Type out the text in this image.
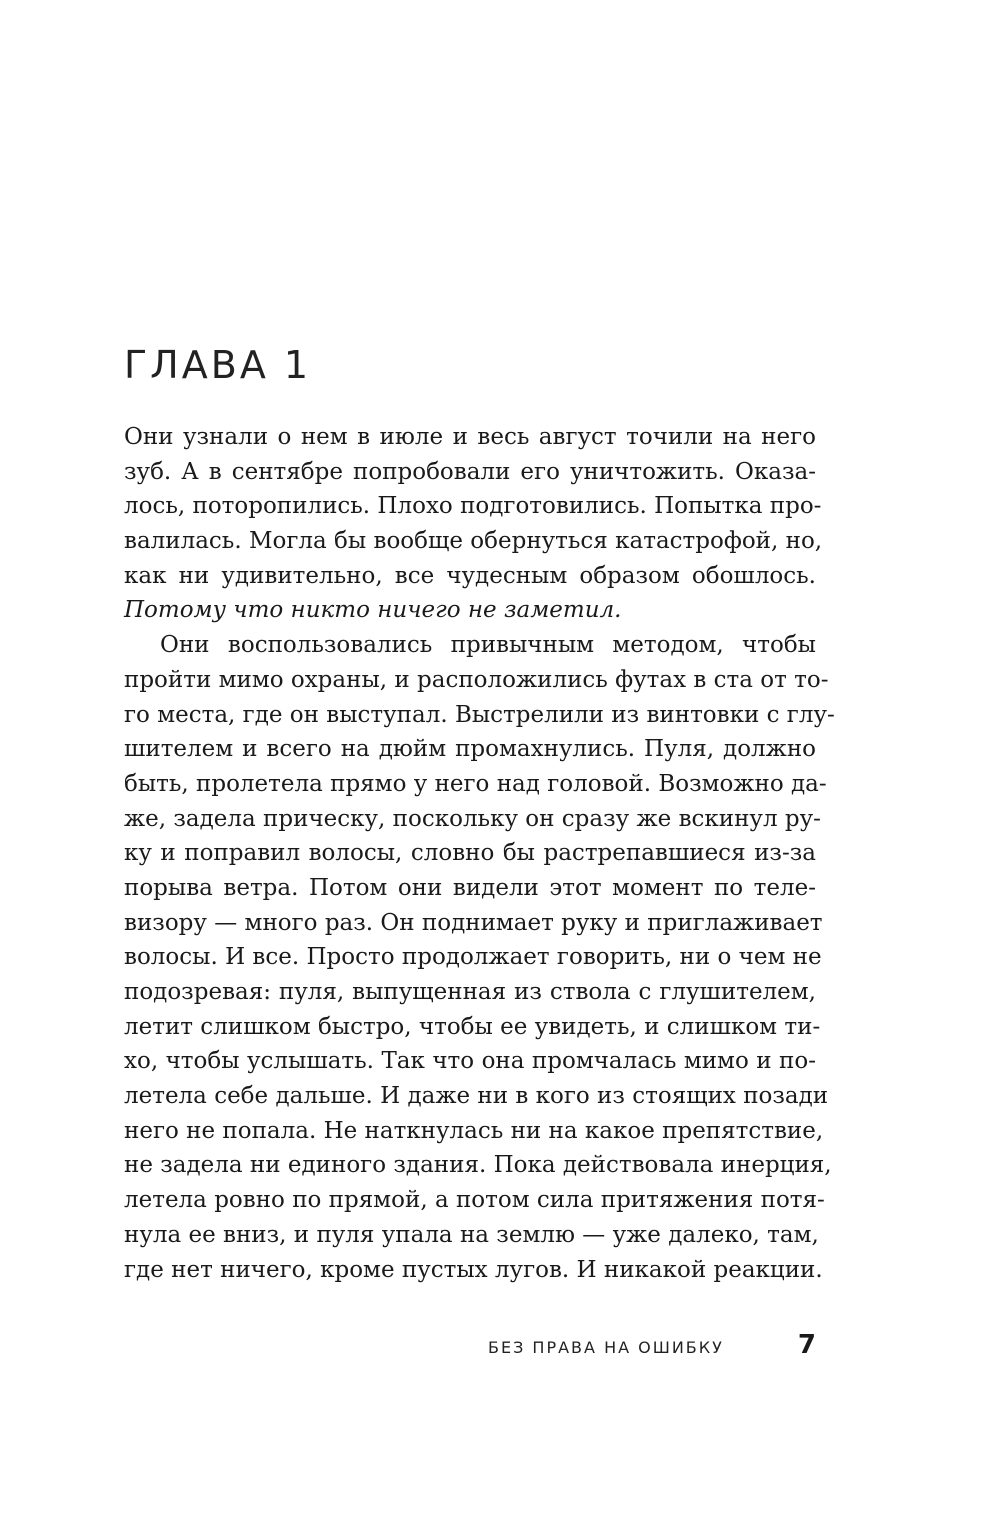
ГЛАВА 1
Они узнали о нем в июле и весь август точили на него
зуб. А в сентябре попробовали его уничтожить. Оказа-
лось, поторопились. Плохо подготовились. Попытка про-
валилась. Могла бы вообще обернуться катастрофой, но,
как ни удивительно, все чудесным образом обошлось.
Потому что никто ничего не заметил.
Они воспользовались привычным методом, чтобы
пройти мимо охраны, и расположились футах в ста от то-
го места, где он выступал. Выстрелили из винтовки с глу-
шителем и всего на дюйм промахнулись. Пуля, должно
быть, пролетела прямо у него над головой. Возможно да-
же, задела прическу, поскольку он сразу же вскинул ру-
ку и поправил волосы, словно бы растрепавшиеся из-за
порыва ветра. Потом они видели этот момент по теле-
визору — много раз. Он поднимает руку и приглаживает
волосы. И все. Просто продолжает говорить, ни о чем не
подозревая: пуля, выпущенная из ствола с глушителем,
летит слишком быстро, чтобы ее увидеть, и слишком ти-
хо, чтобы услышать. Так что она промчалась мимо и по-
летела себе дальше. И даже ни в кого из стоящих позади
него не попала. Не наткнулась ни на какое препятствие,
не задела ни единого здания. Пока действовала инерция,
летела ровно по прямой, а потом сила притяжения потя-
нула ее вниз, и пуля упала на землю — уже далеко, там,
где нет ничего, кроме пустых лугов. И никакой реакции.
БЕЗ ПРАВА НА ОШИБКУ	7
